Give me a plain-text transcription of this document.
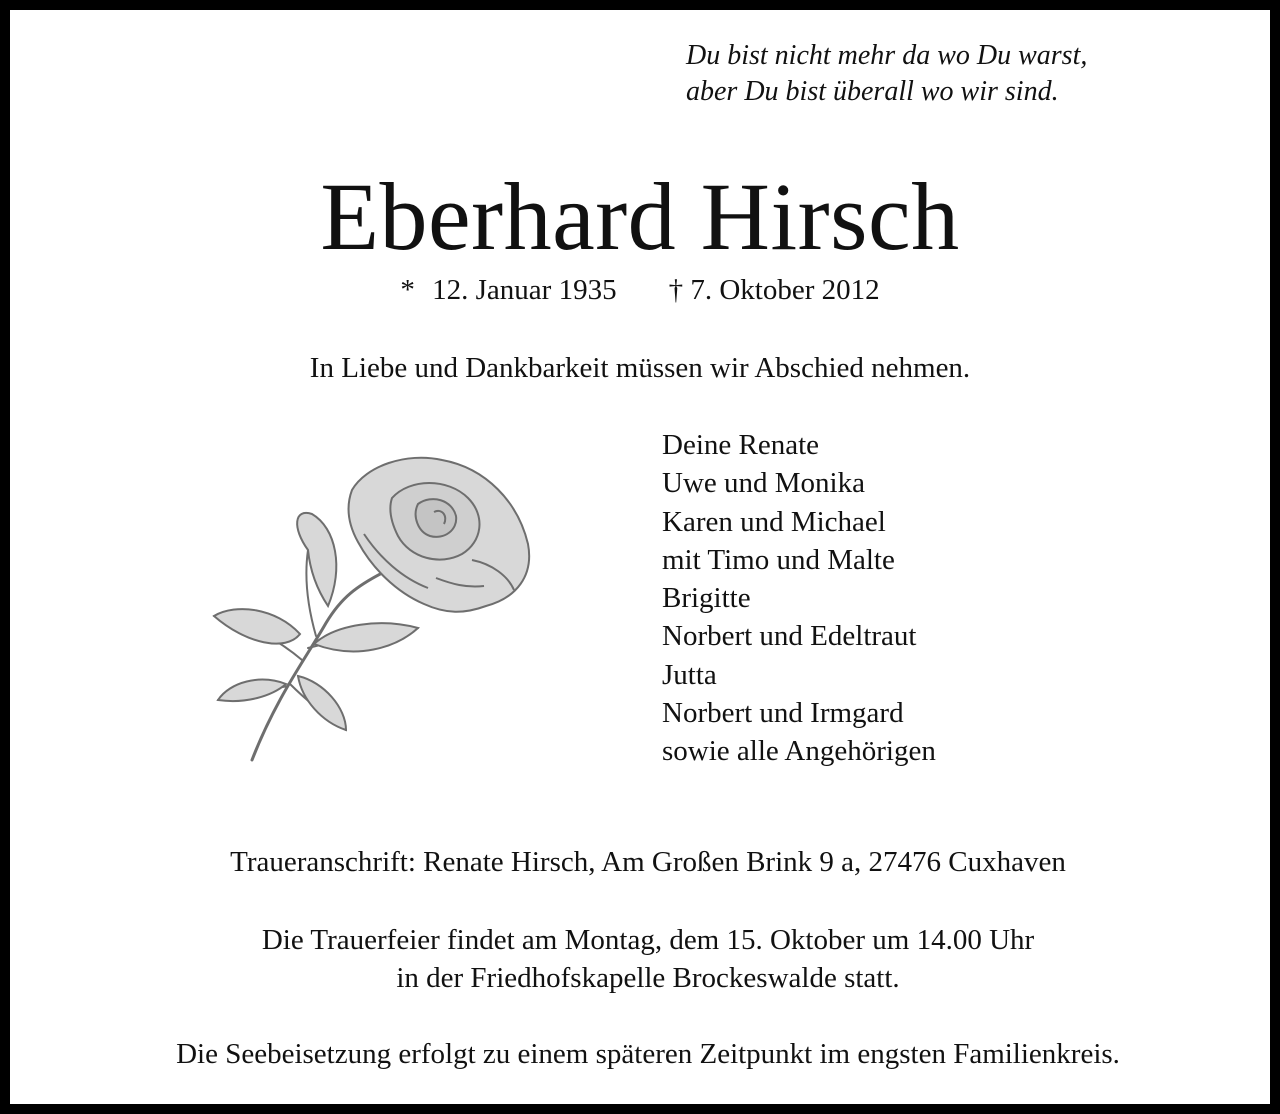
Du bist nicht mehr da wo Du warst,
aber Du bist überall wo wir sind.
Eberhard Hirsch
* 12. Januar 1935 † 7. Oktober 2012
In Liebe und Dankbarkeit müssen wir Abschied nehmen.
Deine Renate
Uwe und Monika
Karen und Michael
mit Timo und Malte
Brigitte
Norbert und Edeltraut
Jutta
Norbert und Irmgard
sowie alle Angehörigen
Traueranschrift: Renate Hirsch, Am Großen Brink 9 a, 27476 Cuxhaven
Die Trauerfeier findet am Montag, dem 15. Oktober um 14.00 Uhr
in der Friedhofskapelle Brockeswalde statt.
Die Seebeisetzung erfolgt zu einem späteren Zeitpunkt im engsten Familienkreis.
